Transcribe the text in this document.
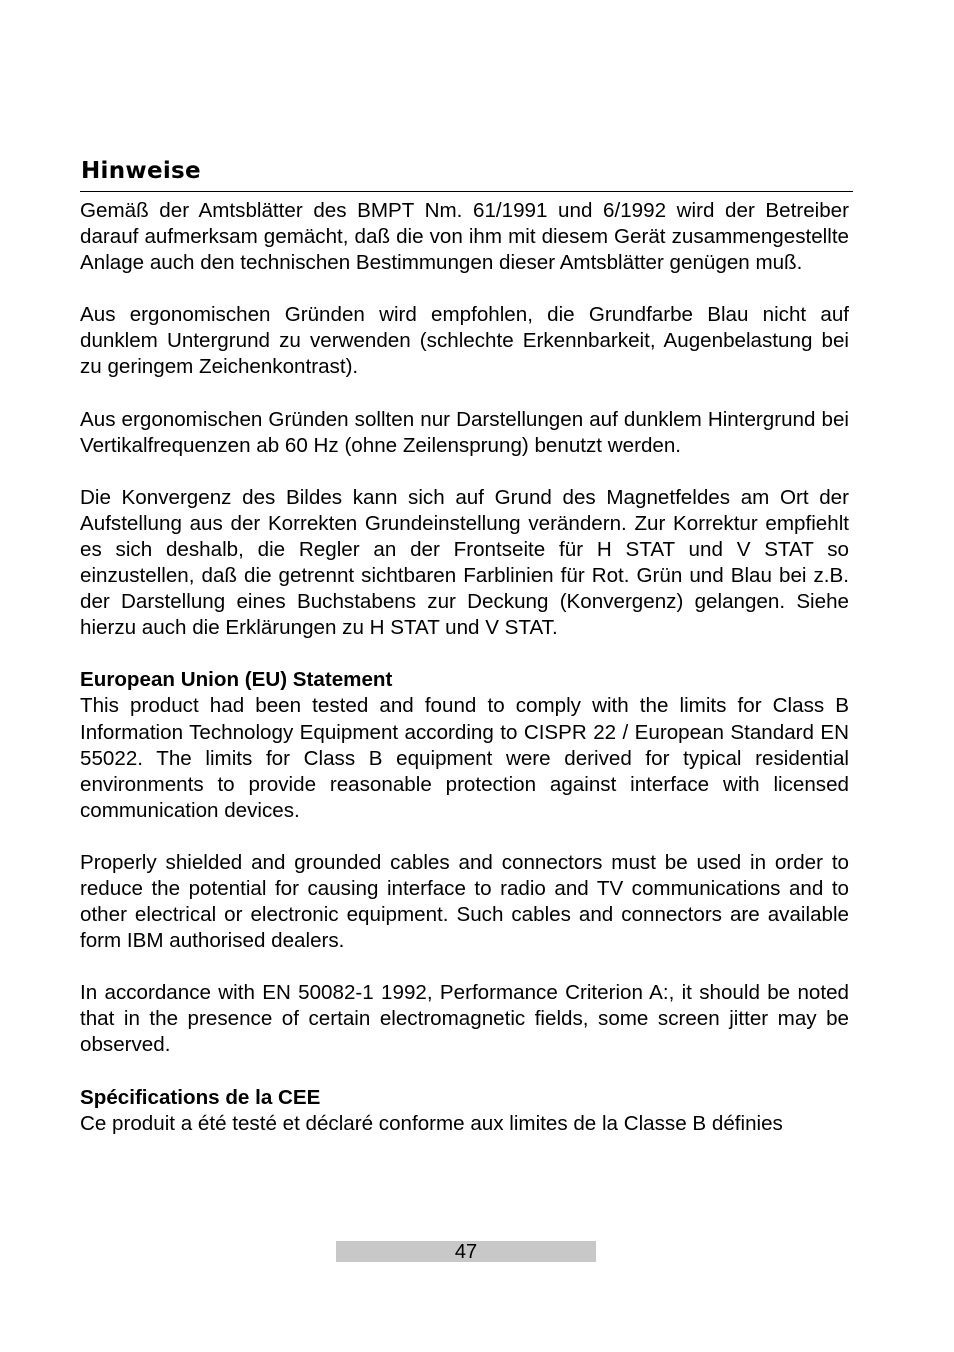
Hinweise

Gemäß der Amtsblätter des BMPT Nm. 61/1991 und 6/1992 wird der Betreiber darauf aufmerksam gemächt, daß die von ihm mit diesem Gerät zusammengestellte Anlage auch den technischen Bestimmungen dieser Amtsblätter genügen muß.

Aus ergonomischen Gründen wird empfohlen, die Grundfarbe Blau nicht auf dunklem Untergrund zu verwenden (schlechte Erkennbarkeit, Augenbelastung bei zu geringem Zeichenkontrast).

Aus ergonomischen Gründen sollten nur Darstellungen auf dunklem Hintergrund bei Vertikalfrequenzen ab 60 Hz (ohne Zeilensprung) benutzt werden.

Die Konvergenz des Bildes kann sich auf Grund des Magnetfeldes am Ort der Aufstellung aus der Korrekten Grundeinstellung verändern. Zur Korrektur empfiehlt es sich deshalb, die Regler an der Frontseite für H STAT und V STAT so einzustellen, daß die getrennt sichtbaren Farblinien für Rot. Grün und Blau bei z.B. der Darstellung eines Buchstabens zur Deckung (Konvergenz) gelangen. Siehe hierzu auch die Erklärungen zu H STAT und V STAT.

European Union (EU) Statement

This product had been tested and found to comply with the limits for Class B Information Technology Equipment according to CISPR 22 / European Standard EN 55022. The limits for Class B equipment were derived for typical residential environments to provide reasonable protection against interface with licensed communication devices.

Properly shielded and grounded cables and connectors must be used in order to reduce the potential for causing interface to radio and TV communications and to other electrical or electronic equipment. Such cables and connectors are available form IBM authorised dealers.

In accordance with EN 50082-1 1992, Performance Criterion A:, it should be noted that in the presence of certain electromagnetic fields, some screen jitter may be observed.

Spécifications de la CEE

Ce produit a été testé et déclaré conforme aux limites de la Classe B définies

47
